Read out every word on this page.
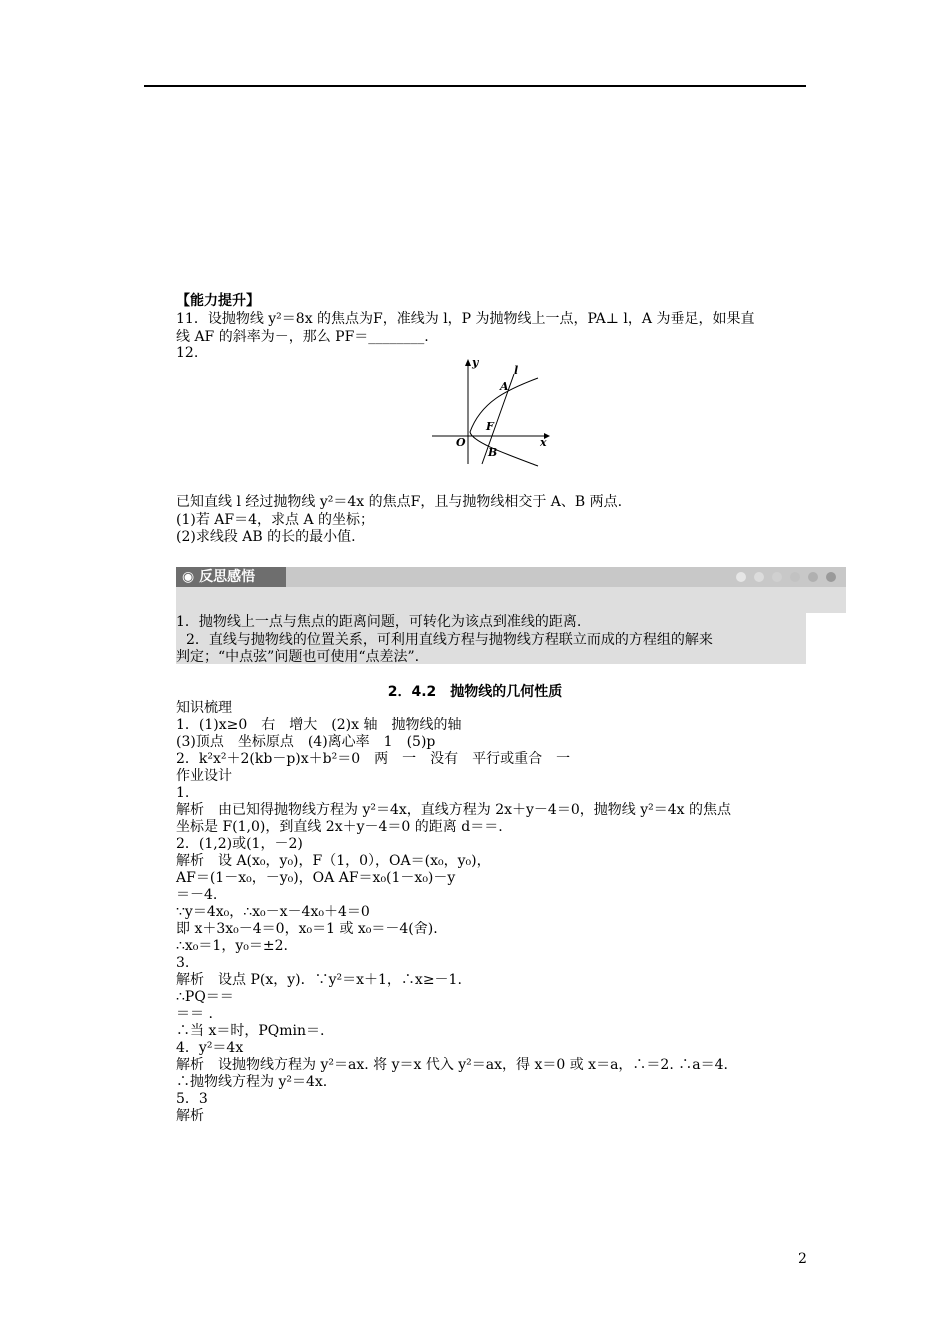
【能力提升】
11．设抛物线 y²＝8x 的焦点为F，准线为 l，P 为抛物线上一点，PA⊥ l，A 为垂足，如果直
线 AF 的斜率为－，那么 PF＝________.
12.
y
x
O
A
l
F
B
已知直线 l 经过抛物线 y²＝4x 的焦点F，且与抛物线相交于 A、B 两点.
(1)若 AF＝4，求点 A 的坐标；
(2)求线段 AB 的长的最小值.
◉ 反思感悟
1．抛物线上一点与焦点的距离问题，可转化为该点到准线的距离.
2．直线与抛物线的位置关系，可利用直线方程与抛物线方程联立而成的方程组的解来
判定；“中点弦”问题也可使用“点差法”.
2．4.2　抛物线的几何性质
知识梳理
1．(1)x≥0　右　增大　(2)x 轴　抛物线的轴
(3)顶点　坐标原点　(4)离心率　1　(5)p
2．k²x²＋2(kb－p)x＋b²＝0　两　一　没有　平行或重合　一
作业设计
1.
解析　由已知得抛物线方程为 y²＝4x，直线方程为 2x＋y－4＝0，抛物线 y²＝4x 的焦点
坐标是 F(1,0)，到直线 2x＋y－4＝0 的距离 d＝＝.
2．(1,2)或(1，－2)
解析　设 A(x₀，y₀)，F（1，0），OA＝(x₀，y₀)，
AF＝(1－x₀，－y₀)，OA AF＝x₀(1－x₀)－y
＝－4.
∵y＝4x₀，∴x₀－x－4x₀＋4＝0
即 x＋3x₀－4＝0，x₀＝1 或 x₀＝－4(舍).
∴x₀＝1，y₀＝±2.
3.
解析　设点 P(x，y)．∵y²＝x＋1，∴x≥－1.
∴PQ＝＝
＝＝ .
∴当 x＝时，PQmin＝.
4．y²＝4x
解析　设抛物线方程为 y²＝ax. 将 y＝x 代入 y²＝ax，得 x＝0 或 x＝a，∴＝2. ∴a＝4.
∴抛物线方程为 y²＝4x.
5．3
解析
2
